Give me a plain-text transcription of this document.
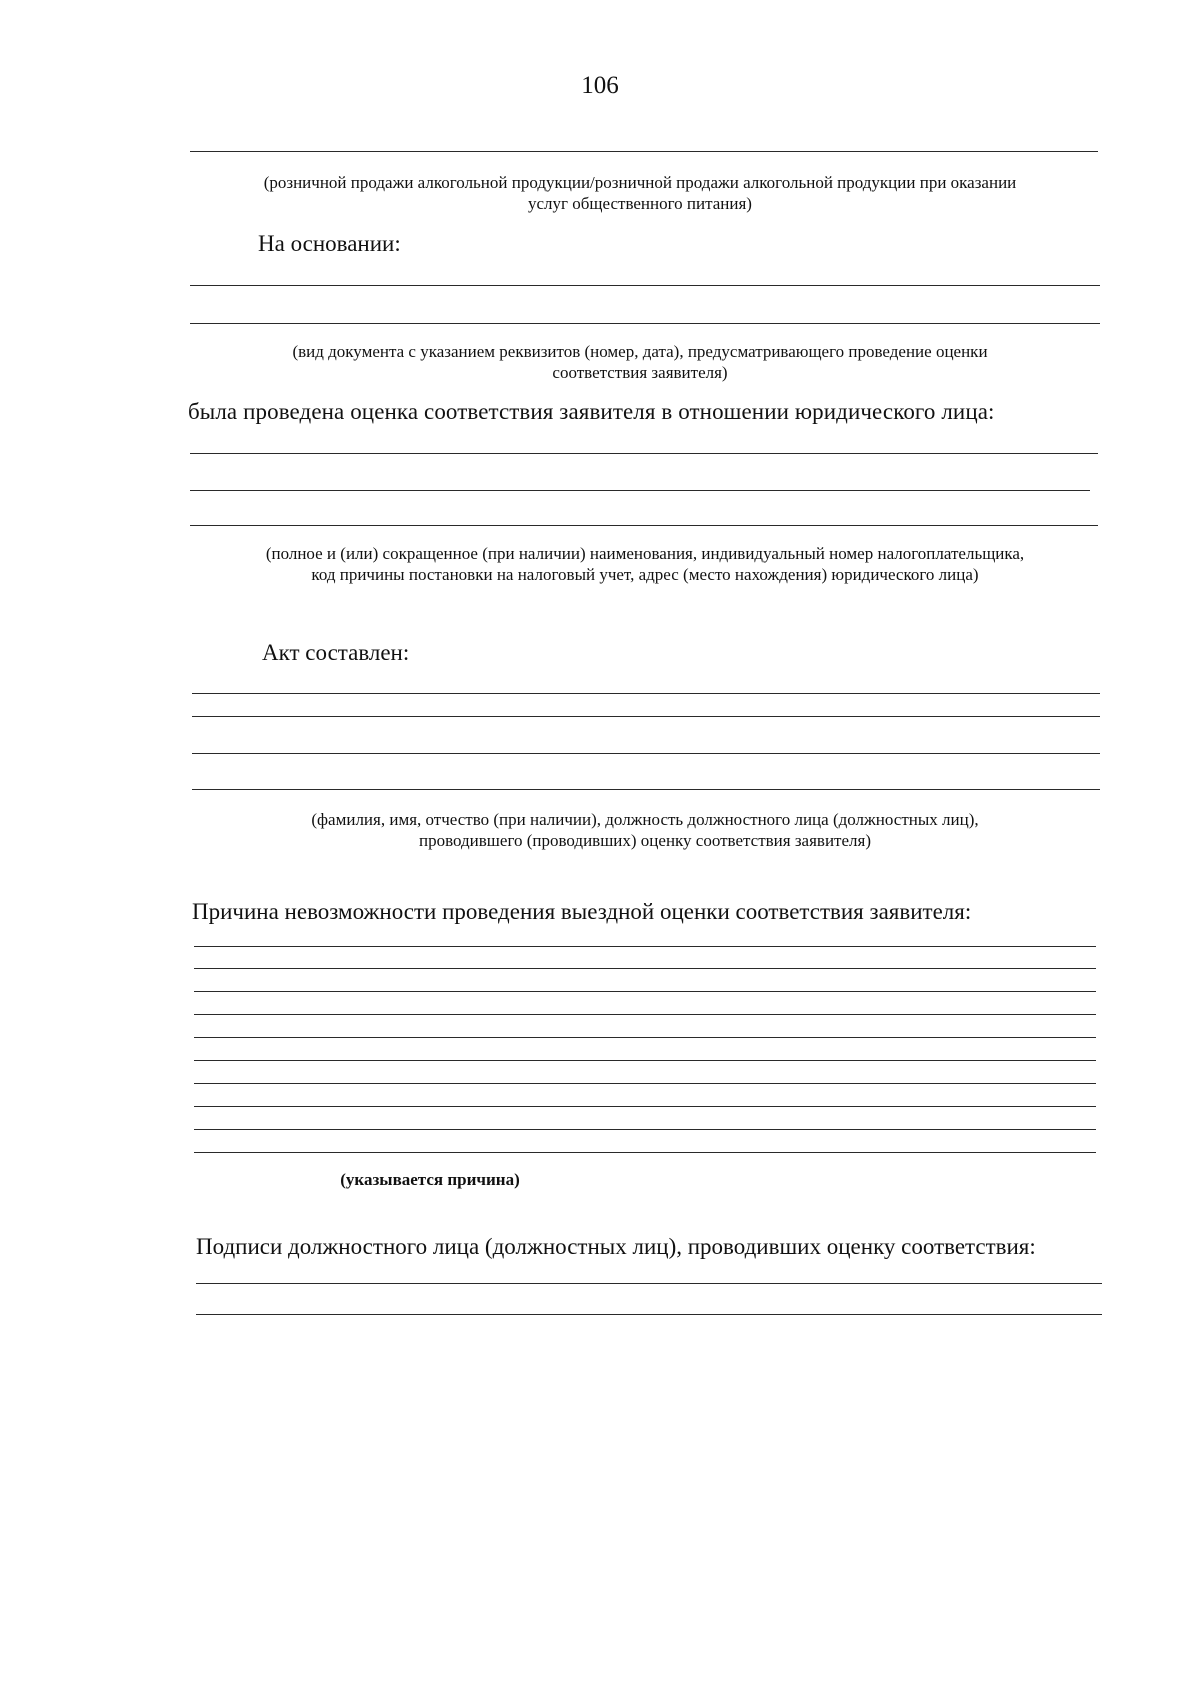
106
(розничной продажи алкогольной продукции/розничной продажи алкогольной продукции при оказании
услуг общественного питания)
На основании:
(вид документа с указанием реквизитов (номер, дата), предусматривающего проведение оценки
соответствия заявителя)
была проведена оценка соответствия заявителя в отношении юридического лица:
(полное и (или) сокращенное (при наличии) наименования, индивидуальный номер налогоплательщика,
код причины постановки на налоговый учет, адрес (место нахождения) юридического лица)
Акт составлен:
(фамилия, имя, отчество (при наличии), должность должностного лица (должностных лиц),
проводившего (проводивших) оценку соответствия заявителя)
Причина невозможности проведения выездной оценки соответствия заявителя:
(указывается причина)
Подписи должностного лица (должностных лиц), проводивших оценку соответствия:
